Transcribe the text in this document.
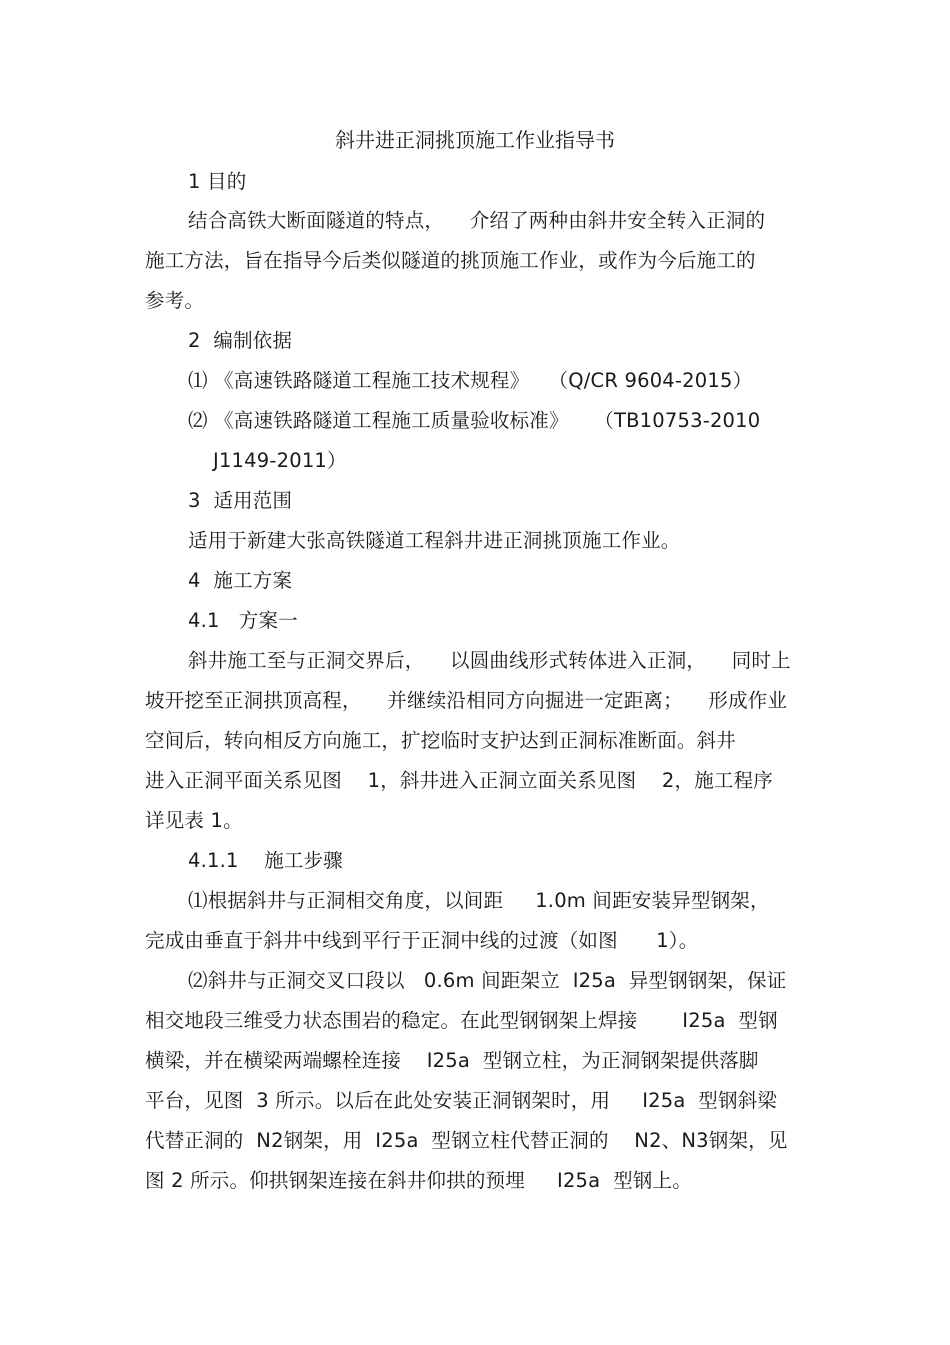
斜井进正洞挑顶施工作业指导书
1 目的
结合高铁大断面隧道的特点，    介绍了两种由斜井安全转入正洞的
施工方法，旨在指导今后类似隧道的挑顶施工作业，或作为今后施工的
参考。
2  编制依据
⑴ 《高速铁路隧道工程施工技术规程》   （Q/CR 9604-2015）
⑵ 《高速铁路隧道工程施工质量验收标准》    （TB10753-2010
J1149-2011）
3  适用范围
适用于新建大张高铁隧道工程斜井进正洞挑顶施工作业。
4  施工方案
4.1   方案一
斜井施工至与正洞交界后，    以圆曲线形式转体进入正洞，    同时上
坡开挖至正洞拱顶高程，    并继续沿相同方向掘进一定距离；    形成作业
空间后，转向相反方向施工，扩挖临时支护达到正洞标准断面。斜井
进入正洞平面关系见图    1，斜井进入正洞立面关系见图    2，施工程序
详见表 1。
4.1.1    施工步骤
⑴根据斜井与正洞相交角度，以间距     1.0m 间距安装异型钢架，
完成由垂直于斜井中线到平行于正洞中线的过渡（如图      1）。
⑵斜井与正洞交叉口段以   0.6m 间距架立  I25a  异型钢钢架，保证
相交地段三维受力状态围岩的稳定。在此型钢钢架上焊接       I25a  型钢
横梁，并在横梁两端螺栓连接    I25a  型钢立柱，为正洞钢架提供落脚
平台，见图  3 所示。以后在此处安装正洞钢架时，用     I25a  型钢斜梁
代替正洞的  N2钢架，用  I25a  型钢立柱代替正洞的    N2、N3钢架，见
图 2 所示。仰拱钢架连接在斜井仰拱的预埋     I25a  型钢上。
